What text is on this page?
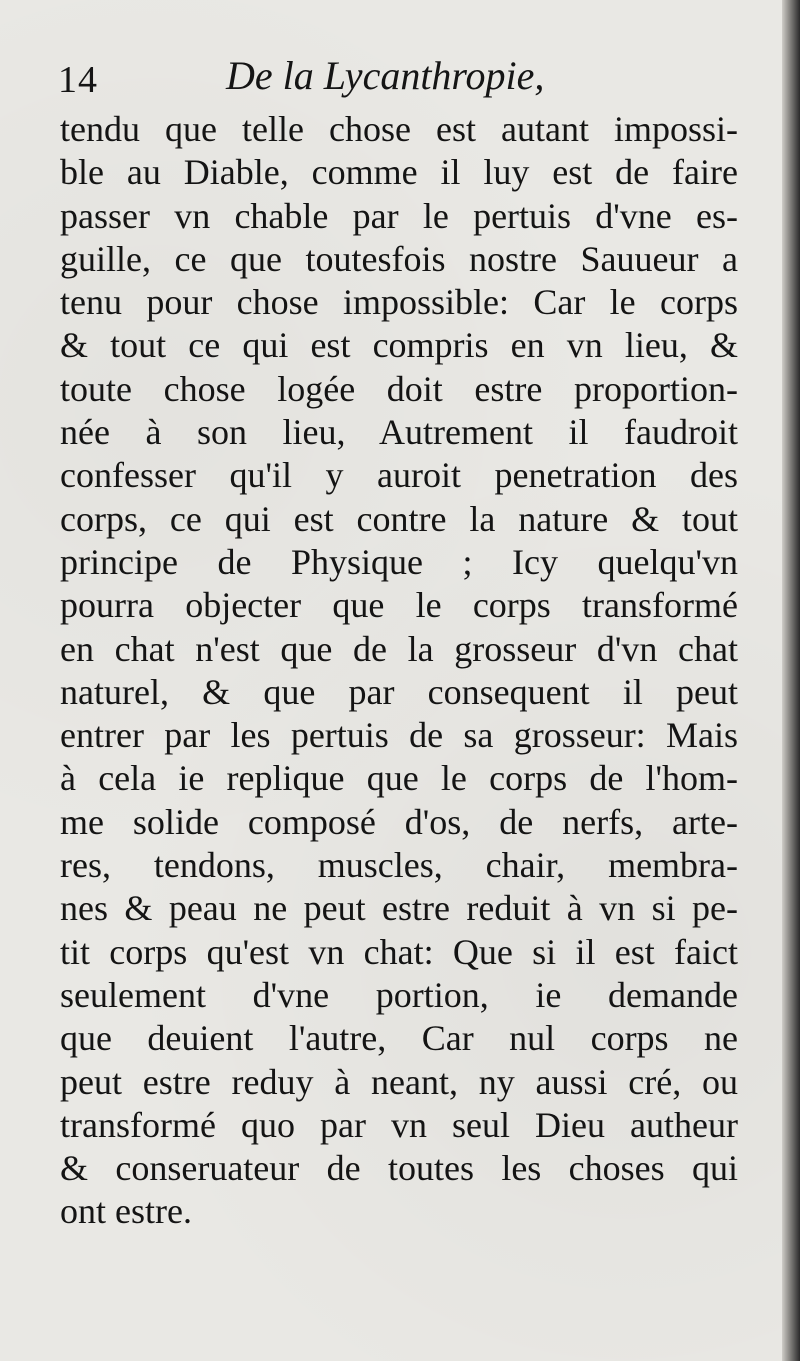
14	De la Lycanthropie,
tendu que telle chose est autant impossi-
ble au Diable, comme il luy est de faire
passer vn chable par le pertuis d'vne es-
guille, ce que toutesfois nostre Sauueur a
tenu pour chose impossible: Car le corps
& tout ce qui est compris en vn lieu, &
toute chose logée doit estre proportion-
née à son lieu, Autrement il faudroit
confesser qu'il y auroit penetration des
corps, ce qui est contre la nature & tout
principe de Physique ; Icy quelqu'vn
pourra objecter que le corps transformé
en chat n'est que de la grosseur d'vn chat
naturel, & que par consequent il peut
entrer par les pertuis de sa grosseur: Mais
à cela ie replique que le corps de l'hom-
me solide composé d'os, de nerfs, arte-
res, tendons, muscles, chair, membra-
nes & peau ne peut estre reduit à vn si pe-
tit corps qu'est vn chat: Que si il est faict
seulement d'vne portion, ie demande
que deuient l'autre, Car nul corps ne
peut estre reduy à neant, ny aussi cré, ou
transformé quo par vn seul Dieu autheur
& conseruateur de toutes les choses qui
ont estre.
